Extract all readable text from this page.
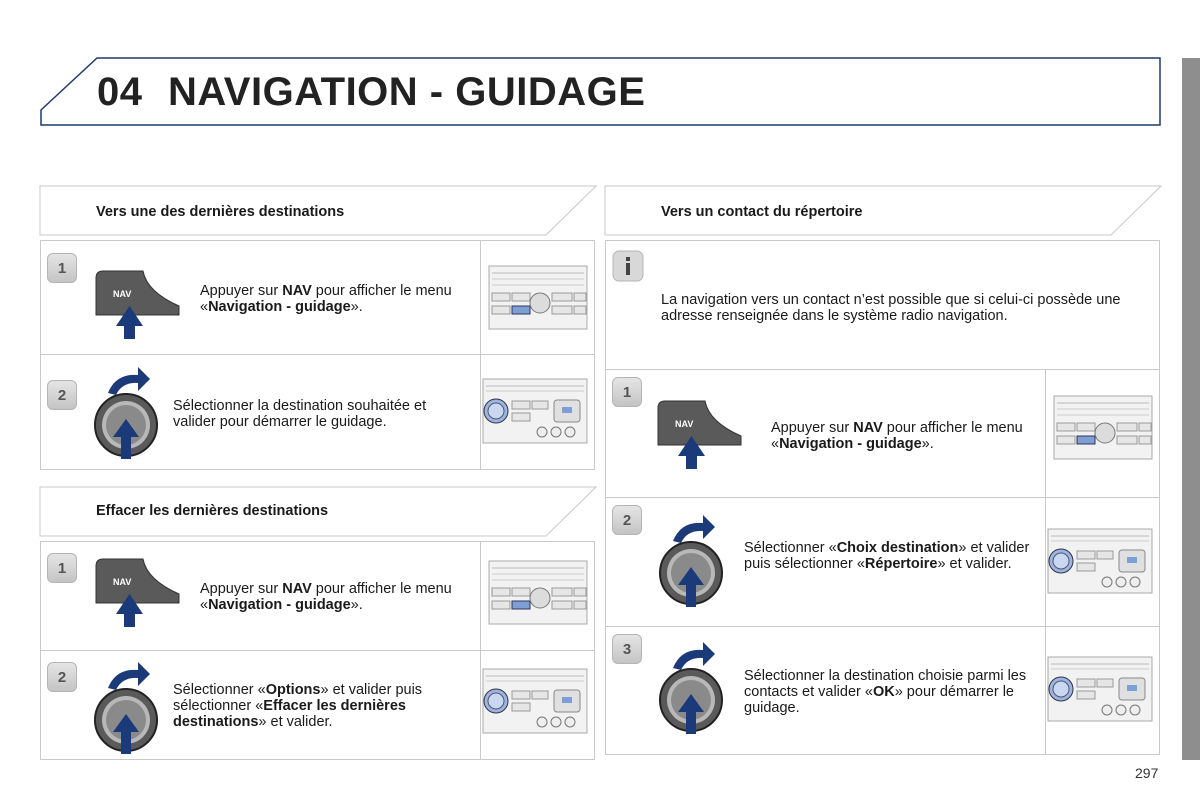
04 NAVIGATION - GUIDAGE
Vers une des dernières destinations
1
NAV	Appuyer sur NAV pour afficher le menu «Navigation - guidage».
2
Sélectionner la destination souhaitée et valider pour démarrer le guidage.
Effacer les dernières destinations
1
NAV	Appuyer sur NAV pour afficher le menu «Navigation - guidage».
2
Sélectionner «Options» et valider puis sélectionner «Effacer les dernières destinations» et valider.
Vers un contact du répertoire
La navigation vers un contact n’est possible que si celui-ci possède une adresse renseignée dans le système radio navigation.
1
NAV	Appuyer sur NAV pour afficher le menu «Navigation - guidage».
2
Sélectionner «Choix destination» et valider puis sélectionner «Répertoire» et valider.
3
Sélectionner la destination choisie parmi les contacts et valider «OK» pour démarrer le guidage.
297
